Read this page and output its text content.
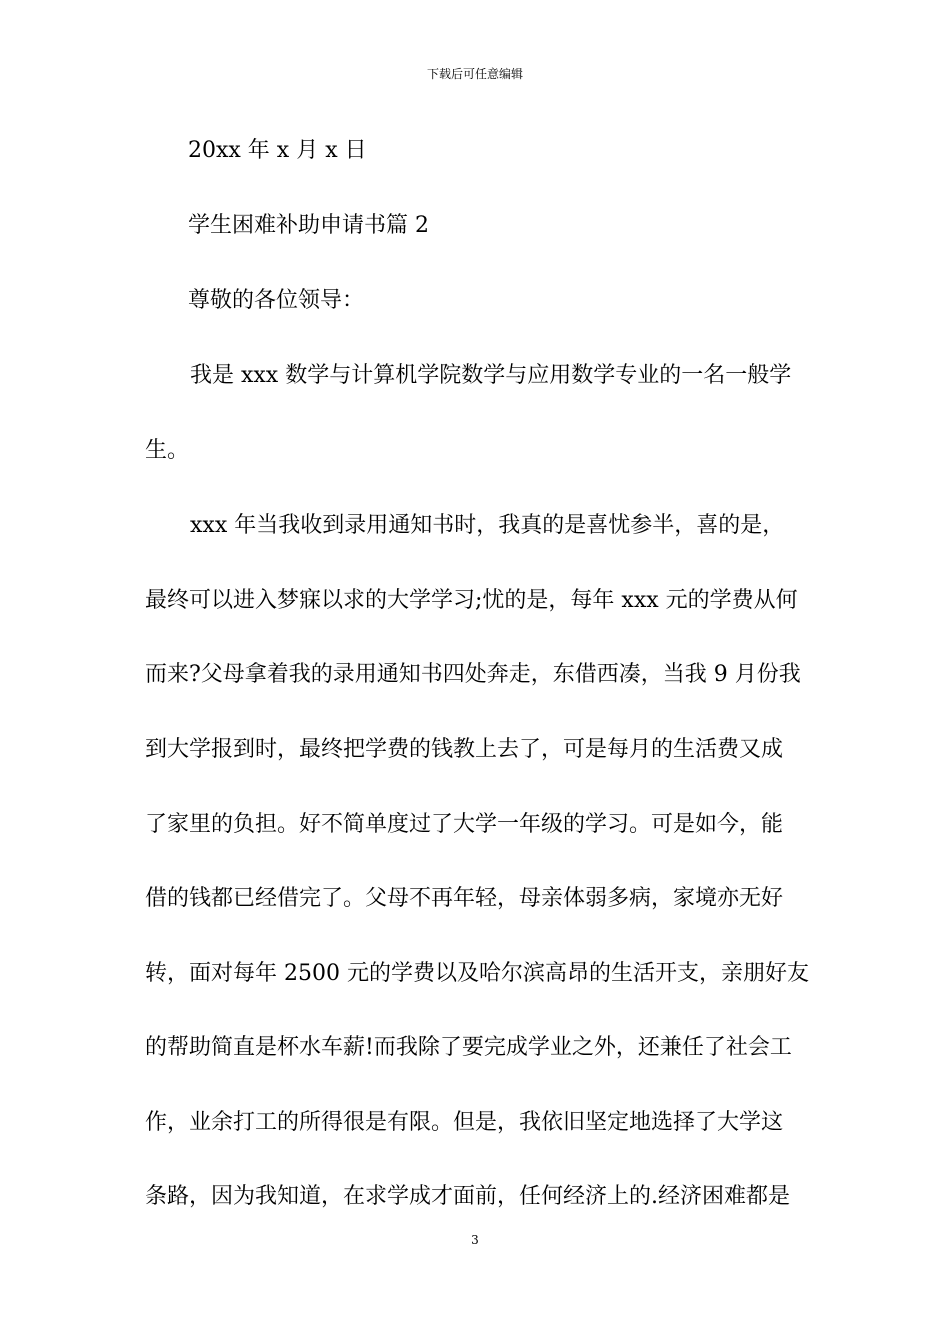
下载后可任意编辑
20xx 年 x 月 x 日
学生困难补助申请书篇 2
尊敬的各位领导：
我是 xxx 数学与计算机学院数学与应用数学专业的一名一般学
生。
xxx 年当我收到录用通知书时，我真的是喜忧参半，喜的是，
最终可以进入梦寐以求的大学学习;忧的是，每年 xxx 元的学费从何
而来?父母拿着我的录用通知书四处奔走，东借西凑，当我 9 月份我
到大学报到时，最终把学费的钱教上去了，可是每月的生活费又成
了家里的负担。好不简单度过了大学一年级的学习。可是如今，能
借的钱都已经借完了。父母不再年轻，母亲体弱多病，家境亦无好
转，面对每年 2500 元的学费以及哈尔滨高昂的生活开支，亲朋好友
的帮助简直是杯水车薪!而我除了要完成学业之外，还兼任了社会工
作，业余打工的所得很是有限。但是，我依旧坚定地选择了大学这
条路，因为我知道，在求学成才面前，任何经济上的.经济困难都是
3
